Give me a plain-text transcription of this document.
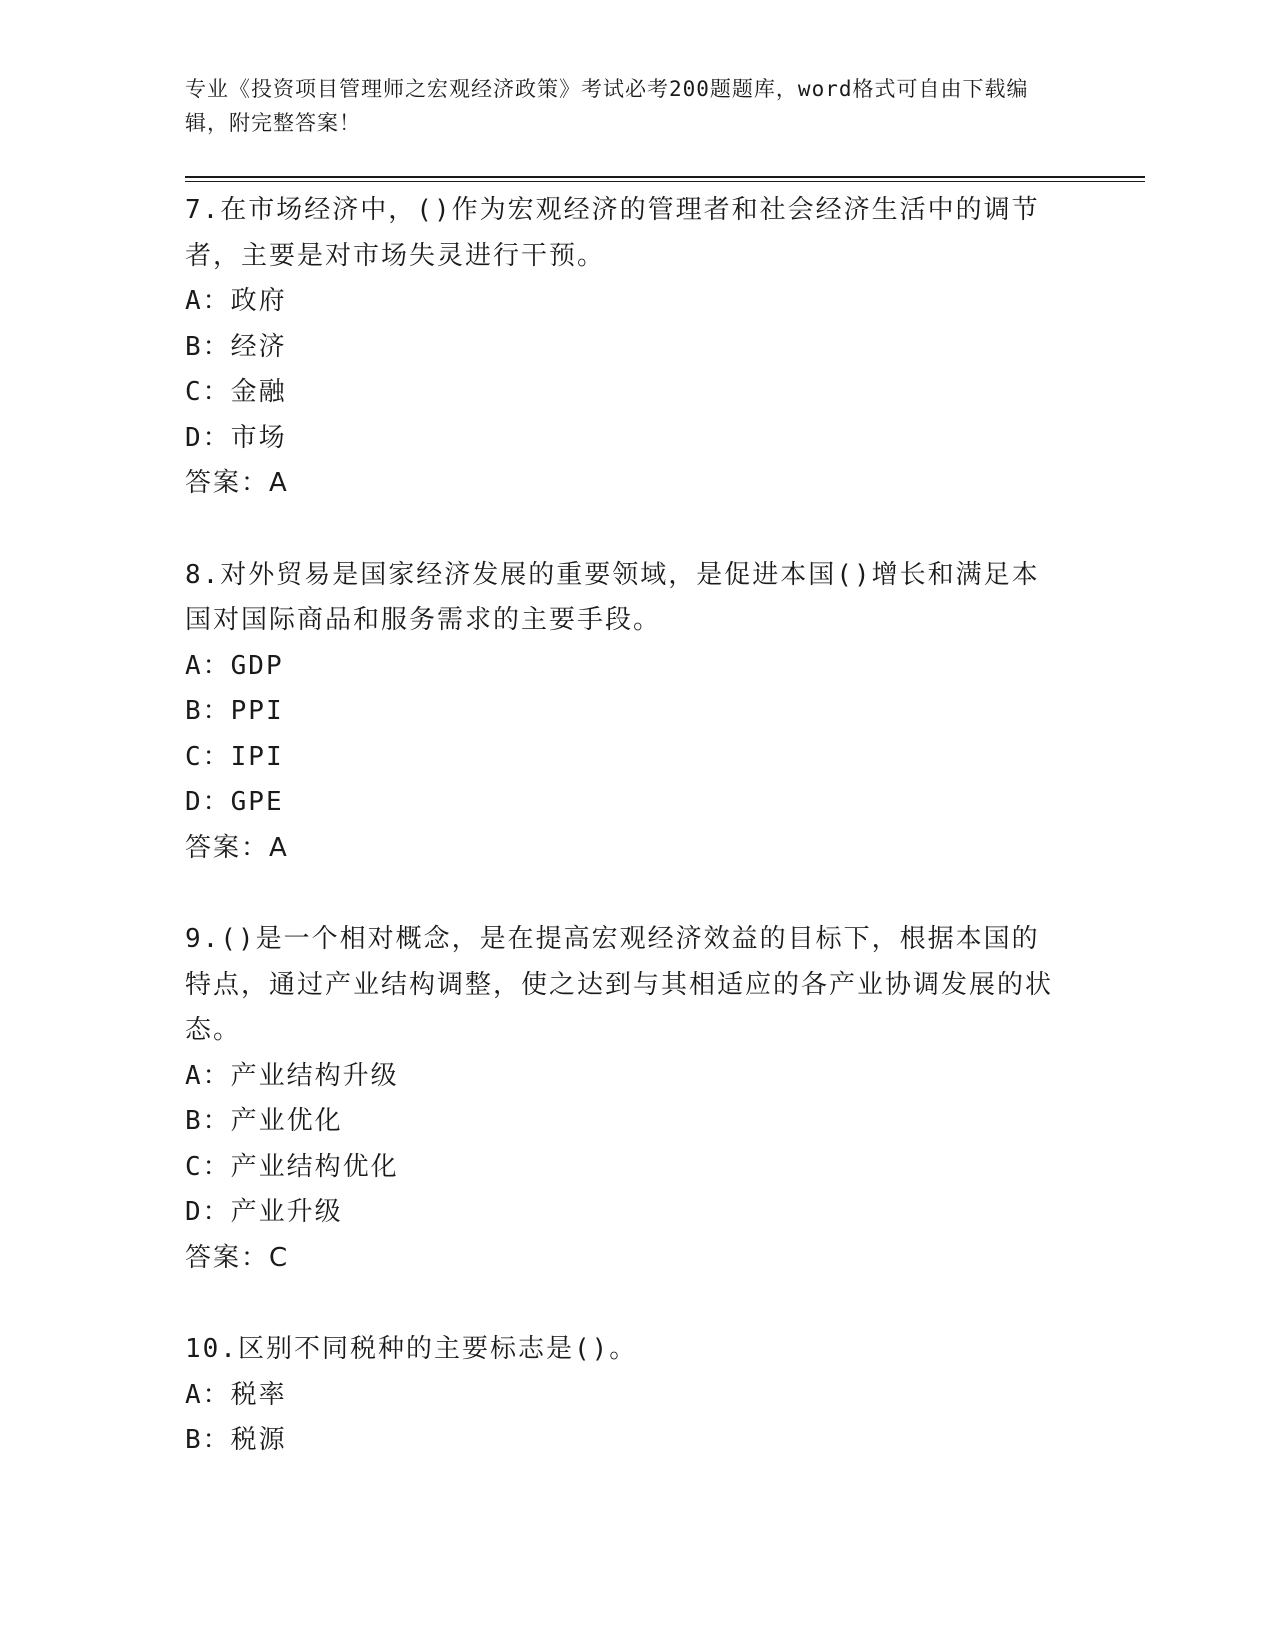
专业《投资项目管理师之宏观经济政策》考试必考200题题库，word格式可自由下载编辑，附完整答案！
7.在市场经济中，()作为宏观经济的管理者和社会经济生活中的调节者，主要是对市场失灵进行干预。
A：政府
B：经济
C：金融
D：市场
答案：A
8.对外贸易是国家经济发展的重要领域，是促进本国()增长和满足本国对国际商品和服务需求的主要手段。
A：GDP
B：PPI
C：IPI
D：GPE
答案：A
9.()是一个相对概念，是在提高宏观经济效益的目标下，根据本国的特点，通过产业结构调整，使之达到与其相适应的各产业协调发展的状态。
A：产业结构升级
B：产业优化
C：产业结构优化
D：产业升级
答案：C
10.区别不同税种的主要标志是()。
A：税率
B：税源
